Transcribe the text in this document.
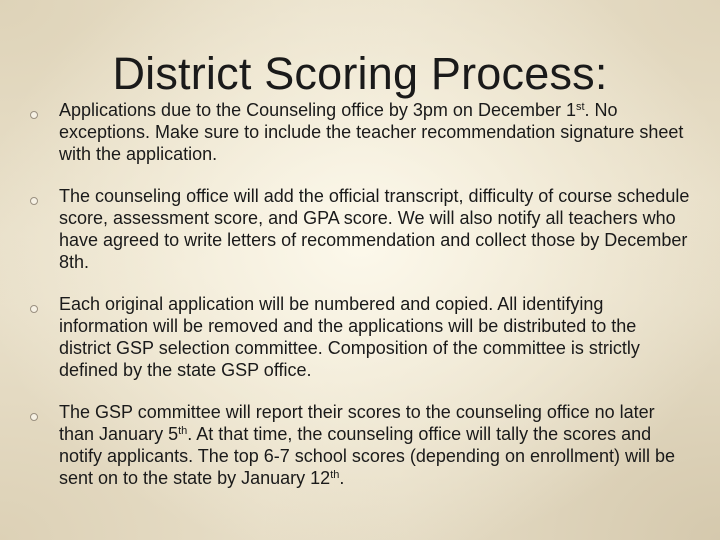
District Scoring Process:
Applications due to the Counseling office by 3pm on December 1st. No exceptions. Make sure to include the teacher recommendation signature sheet with the application.
The counseling office will add the official transcript, difficulty of course schedule score, assessment score, and GPA score. We will also notify all teachers who have agreed to write letters of recommendation and collect those by December 8th.
Each original application will be numbered and copied. All identifying information will be removed and the applications will be distributed to the district GSP selection committee. Composition of the committee is strictly defined by the state GSP office.
The GSP committee will report their scores to the counseling office no later than January 5th. At that time, the counseling office will tally the scores and notify applicants. The top 6-7 school scores (depending on enrollment) will be sent on to the state by January 12th.
